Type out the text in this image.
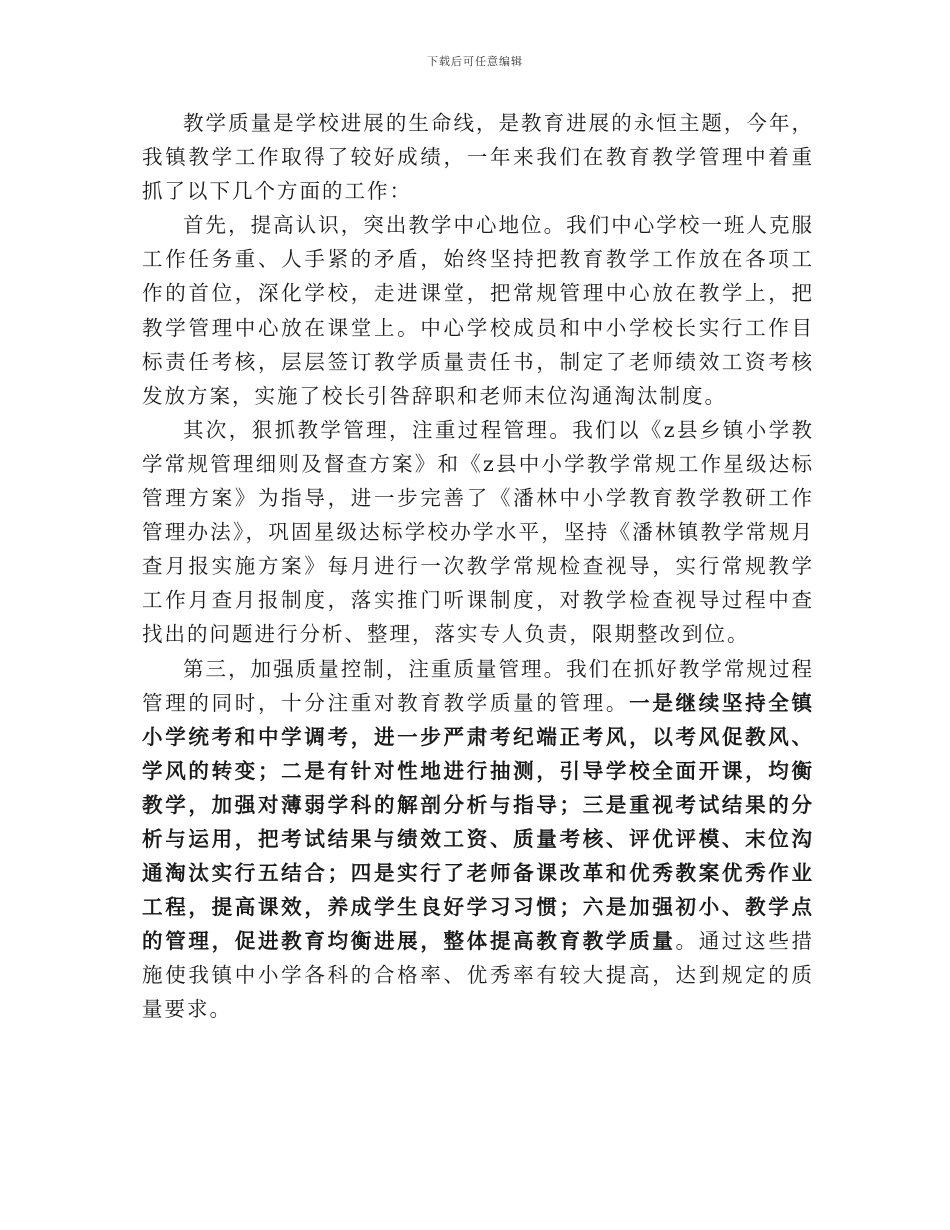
下载后可任意编辑

教学质量是学校进展的生命线，是教育进展的永恒主题，今年，我镇教学工作取得了较好成绩，一年来我们在教育教学管理中着重抓了以下几个方面的工作：

首先，提高认识，突出教学中心地位。我们中心学校一班人克服工作任务重、人手紧的矛盾，始终坚持把教育教学工作放在各项工作的首位，深化学校，走进课堂，把常规管理中心放在教学上，把教学管理中心放在课堂上。中心学校成员和中小学校长实行工作目标责任考核，层层签订教学质量责任书，制定了老师绩效工资考核发放方案，实施了校长引咎辞职和老师末位沟通淘汰制度。

其次，狠抓教学管理，注重过程管理。我们以《z县乡镇小学教学常规管理细则及督查方案》和《z县中小学教学常规工作星级达标管理方案》为指导，进一步完善了《潘林中小学教育教学教研工作管理办法》，巩固星级达标学校办学水平，坚持《潘林镇教学常规月查月报实施方案》每月进行一次教学常规检查视导，实行常规教学工作月查月报制度，落实推门听课制度，对教学检查视导过程中查找出的问题进行分析、整理，落实专人负责，限期整改到位。

第三，加强质量控制，注重质量管理。我们在抓好教学常规过程管理的同时，十分注重对教育教学质量的管理。一是继续坚持全镇小学统考和中学调考，进一步严肃考纪端正考风，以考风促教风、学风的转变；二是有针对性地进行抽测，引导学校全面开课，均衡教学，加强对薄弱学科的解剖分析与指导；三是重视考试结果的分析与运用，把考试结果与绩效工资、质量考核、评优评模、末位沟通淘汰实行五结合；四是实行了老师备课改革和优秀教案优秀作业工程，提高课效，养成学生良好学习习惯；六是加强初小、教学点的管理，促进教育均衡进展，整体提高教育教学质量。通过这些措施使我镇中小学各科的合格率、优秀率有较大提高，达到规定的质量要求。
